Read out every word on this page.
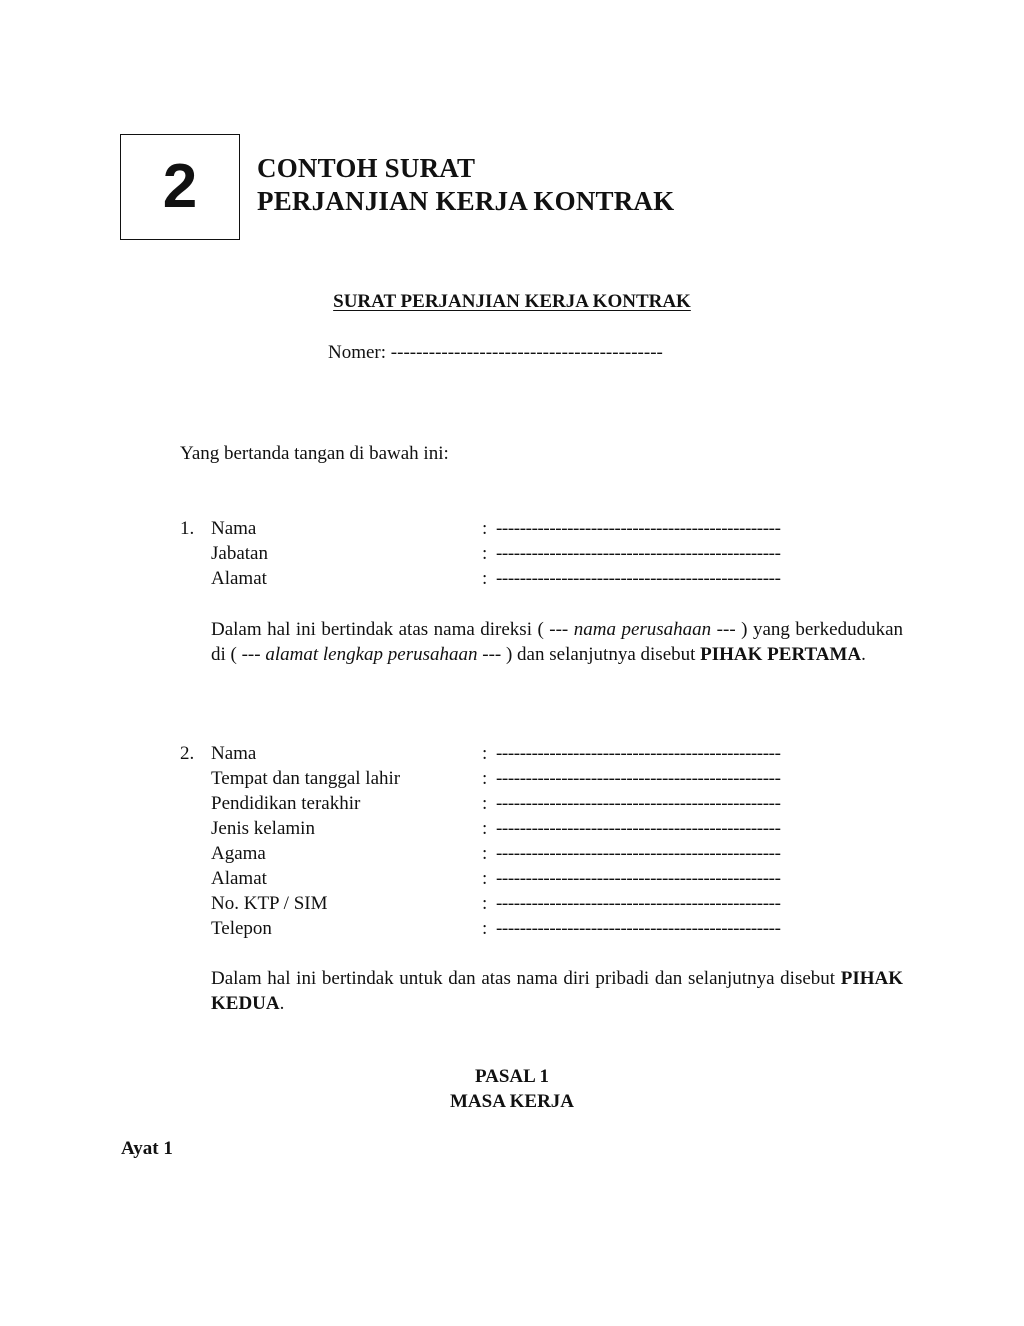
2 CONTOH SURAT
PERJANJIAN KERJA KONTRAK
SURAT PERJANJIAN KERJA KONTRAK
Nomer: -------------------------------------------
Yang bertanda tangan di bawah ini:
1. Nama	: ------------------------------------------------
Jabatan	: ------------------------------------------------
Alamat	: ------------------------------------------------
Dalam hal ini bertindak atas nama direksi ( --- nama perusahaan --- ) yang berkedudukan di ( --- alamat lengkap perusahaan --- ) dan selanjutnya disebut PIHAK PERTAMA.
2. Nama	: ------------------------------------------------
Tempat dan tanggal lahir	: ------------------------------------------------
Pendidikan terakhir	: ------------------------------------------------
Jenis kelamin	: ------------------------------------------------
Agama	: ------------------------------------------------
Alamat	: ------------------------------------------------
No. KTP / SIM	: ------------------------------------------------
Telepon	: ------------------------------------------------
Dalam hal ini bertindak untuk dan atas nama diri pribadi dan selanjutnya disebut PIHAK KEDUA.
PASAL 1
MASA KERJA
Ayat 1
